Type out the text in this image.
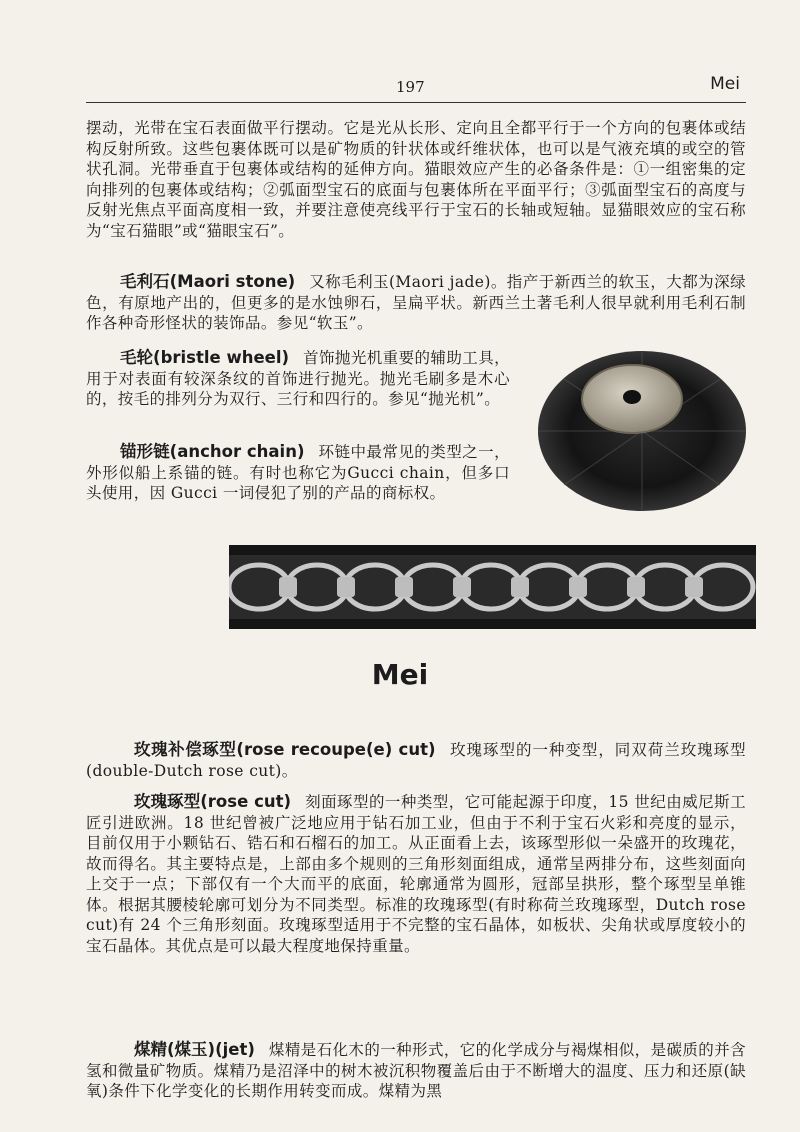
197	Mei

摆动，光带在宝石表面做平行摆动。它是光从长形、定向且全都平行于一个方向的包裹体或结构反射所致。这些包裹体既可以是矿物质的针状体或纤维状体，也可以是气液充填的或空的管状孔洞。光带垂直于包裹体或结构的延伸方向。猫眼效应产生的必备条件是：①一组密集的定向排列的包裹体或结构；②弧面型宝石的底面与包裹体所在平面平行；③弧面型宝石的高度与反射光焦点平面高度相一致，并要注意使亮线平行于宝石的长轴或短轴。显猫眼效应的宝石称为“宝石猫眼”或“猫眼宝石”。

毛利石(Maori stone) 又称毛利玉(Maori jade)。指产于新西兰的软玉，大都为深绿色，有原地产出的，但更多的是水蚀卵石，呈扁平状。新西兰土著毛利人很早就利用毛利石制作各种奇形怪状的装饰品。参见“软玉”。

毛轮(bristle wheel) 首饰抛光机重要的辅助工具，用于对表面有较深条纹的首饰进行抛光。抛光毛刷多是木心的，按毛的排列分为双行、三行和四行的。参见“抛光机”。

锚形链(anchor chain) 环链中最常见的类型之一，外形似船上系锚的链。有时也称它为Gucci chain，但多口头使用，因 Gucci 一词侵犯了别的产品的商标权。

Mei

玫瑰补偿琢型(rose recoupe(e) cut) 玫瑰琢型的一种变型，同双荷兰玫瑰琢型(double-Dutch rose cut)。

玫瑰琢型(rose cut) 刻面琢型的一种类型，它可能起源于印度，15 世纪由威尼斯工匠引进欧洲。18 世纪曾被广泛地应用于钻石加工业，但由于不利于宝石火彩和亮度的显示，目前仅用于小颗钻石、锆石和石榴石的加工。从正面看上去，该琢型形似一朵盛开的玫瑰花，故而得名。其主要特点是，上部由多个规则的三角形刻面组成，通常呈两排分布，这些刻面向上交于一点；下部仅有一个大而平的底面，轮廓通常为圆形，冠部呈拱形，整个琢型呈单锥体。根据其腰棱轮廓可划分为不同类型。标准的玫瑰琢型(有时称荷兰玫瑰琢型，Dutch rose cut)有 24 个三角形刻面。玫瑰琢型适用于不完整的宝石晶体，如板状、尖角状或厚度较小的宝石晶体。其优点是可以最大程度地保持重量。

煤精(煤玉)(jet) 煤精是石化木的一种形式，它的化学成分与褐煤相似，是碳质的并含氢和微量矿物质。煤精乃是沼泽中的树木被沉积物覆盖后由于不断增大的温度、压力和还原(缺氧)条件下化学变化的长期作用转变而成。煤精为黑
